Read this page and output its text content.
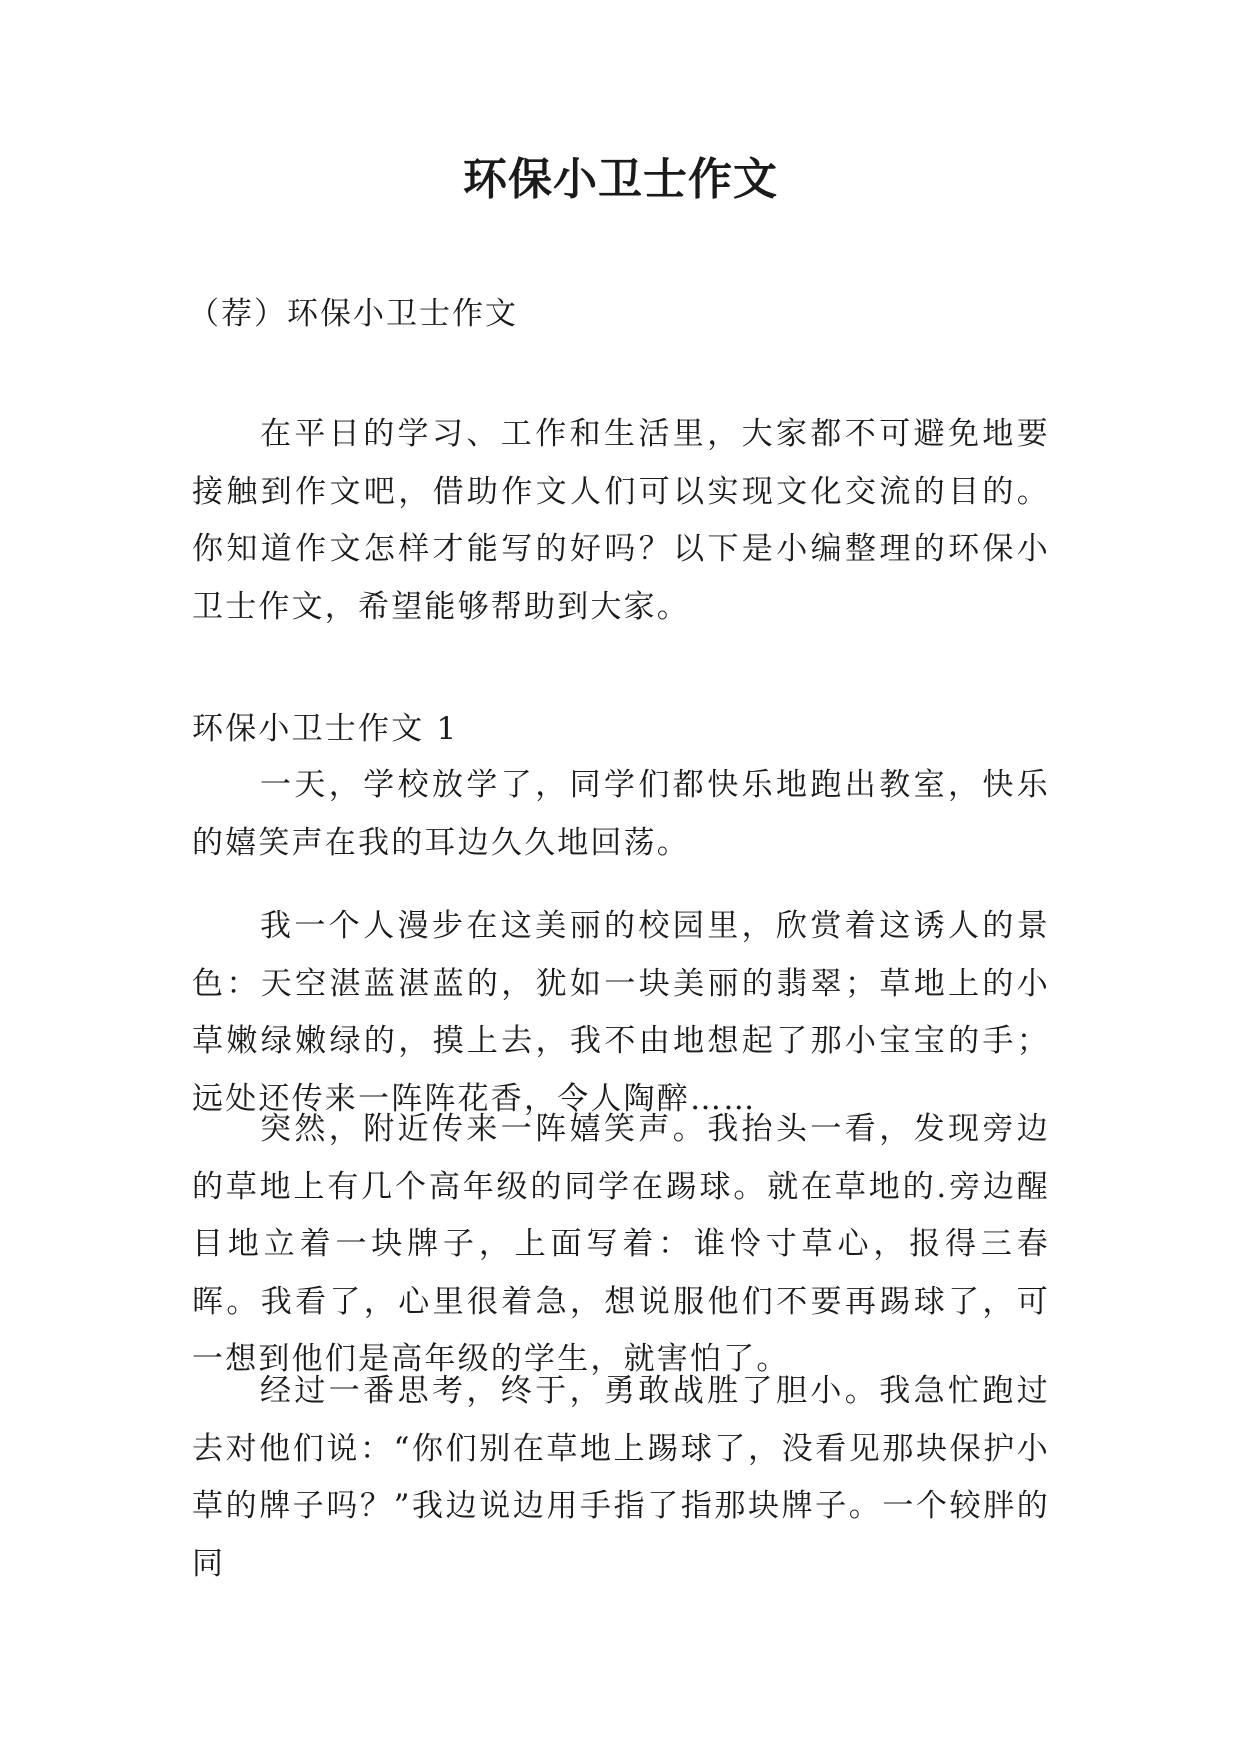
环保小卫士作文
（荐）环保小卫士作文

在平日的学习、工作和生活里，大家都不可避免地要接触到作文吧，借助作文人们可以实现文化交流的目的。你知道作文怎样才能写的好吗？以下是小编整理的环保小卫士作文，希望能够帮助到大家。

环保小卫士作文 1

一天，学校放学了，同学们都快乐地跑出教室，快乐的嬉笑声在我的耳边久久地回荡。

我一个人漫步在这美丽的校园里，欣赏着这诱人的景色：天空湛蓝湛蓝的，犹如一块美丽的翡翠；草地上的小草嫩绿嫩绿的，摸上去，我不由地想起了那小宝宝的手；远处还传来一阵阵花香，令人陶醉……

突然，附近传来一阵嬉笑声。我抬头一看，发现旁边的草地上有几个高年级的同学在踢球。就在草地的.旁边醒目地立着一块牌子，上面写着：谁怜寸草心，报得三春晖。我看了，心里很着急，想说服他们不要再踢球了，可一想到他们是高年级的学生，就害怕了。

经过一番思考，终于，勇敢战胜了胆小。我急忙跑过去对他们说：“你们别在草地上踢球了，没看见那块保护小草的牌子吗？”我边说边用手指了指那块牌子。一个较胖的同
